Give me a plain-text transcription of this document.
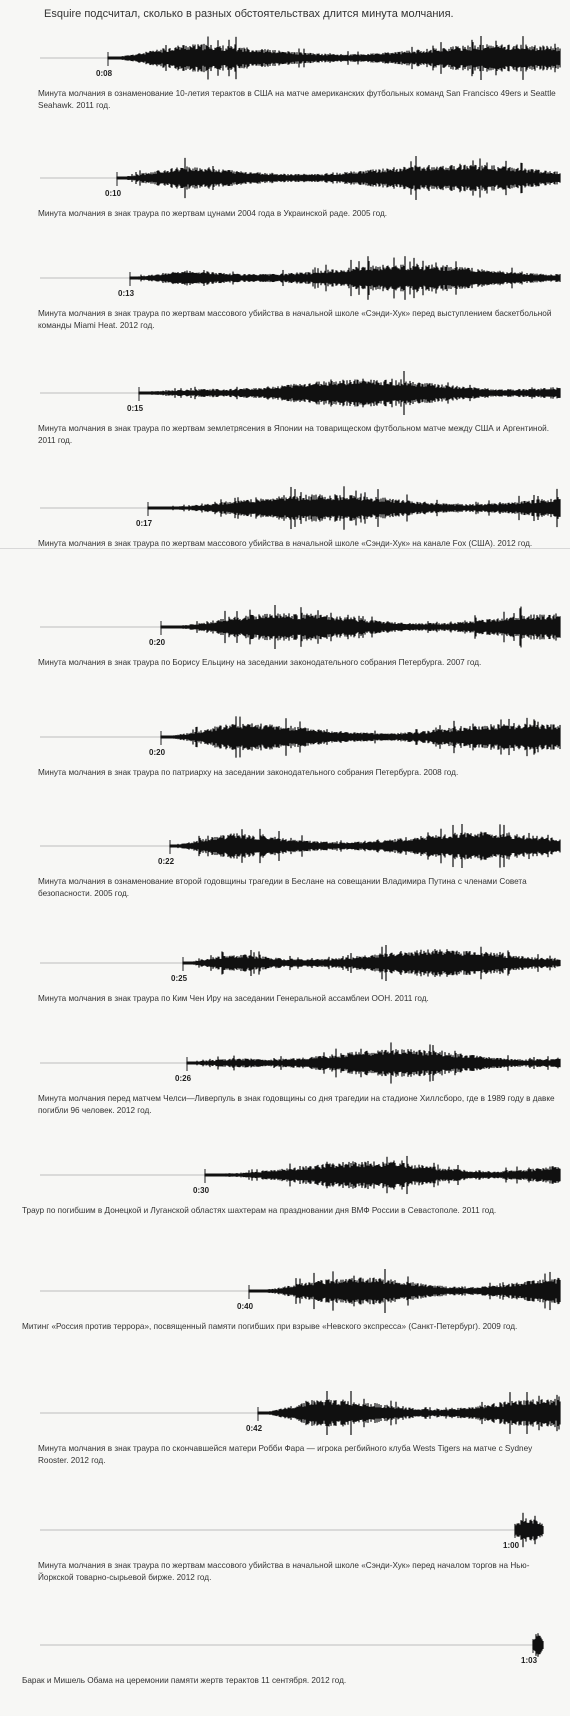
Esquire подсчитал, сколько в разных обстоятельствах длится минута молчания.
0:08
Минута молчания в ознаменование 10-летия терактов в США на матче американских футбольных команд San Francisco 49ers и Seattle Seahawk. 2011 год.
0:10
Минута молчания в знак траура по жертвам цунами 2004 года в Украинской раде. 2005 год.
0:13
Минута молчания в знак траура по жертвам массового убийства в начальной школе «Сэнди-Хук» перед выступлением баскетбольной команды Miami Heat. 2012 год.
0:15
Минута молчания в знак траура по жертвам землетрясения в Японии на товарищеском футбольном матче между США и Аргентиной. 2011 год.
0:17
Минута молчания в знак траура по жертвам массового убийства в начальной школе «Сэнди-Хук» на канале Fox (США). 2012 год.
0:20
Минута молчания в знак траура по Борису Ельцину на заседании законодательного собрания Петербурга. 2007 год.
0:20
Минута молчания в знак траура по патриарху на заседании законодательного собрания Петербурга. 2008 год.
0:22
Минута молчания в ознаменование второй годовщины трагедии в Беслане на совещании Владимира Путина с членами Совета безопасности. 2005 год.
0:25
Минута молчания в знак траура по Ким Чен Иру на заседании Генеральной ассамблеи ООН. 2011 год.
0:26
Минута молчания перед матчем Челси—Ливерпуль в знак годовщины со дня трагедии на стадионе Хиллсборо, где в 1989 году в давке погибли 96 человек. 2012 год.
0:30
Траур по погибшим в Донецкой и Луганской областях шахтерам на праздновании дня ВМФ России в Севастополе. 2011 год.
0:40
Митинг «Россия против террора», посвященный памяти погибших при взрыве «Невского экспресса» (Санкт-Петербург). 2009 год.
0:42
Минута молчания в знак траура по скончавшейся матери Робби Фара — игрока регбийного клуба Wests Tigers на матче с Sydney Rooster. 2012 год.
1:00
Минута молчания в знак траура по жертвам массового убийства в начальной школе «Сэнди-Хук» перед началом торгов на Нью-Йоркской товарно-сырьевой бирже. 2012 год.
1:03
Барак и Мишель Обама на церемонии памяти жертв терактов 11 сентября. 2012 год.
